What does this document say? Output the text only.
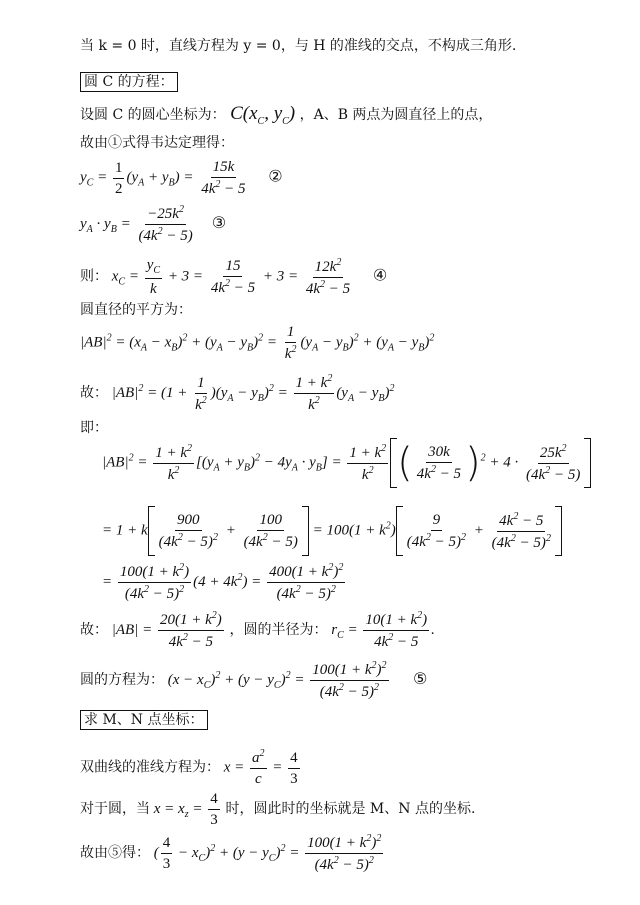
当 k = 0 时，直线方程为 y = 0，与 H 的准线的交点，不构成三角形.
圆 C 的方程：
设圆 C 的圆心坐标为： $C(x_C$, $y_C$) ，A、B 两点为圆直径上的点，
故由①式得韦达定理得：
$y_C = \frac{1}{2} (y_A + y_B) = \frac{15k}{4k^2 - 5}$ ②
$y_A \cdot y_B = \frac{-25k^2}{(4k^2 - 5)}$ ③
则： $x_C = \frac{y_C}{k} + 3 = \frac{15}{4k^2 - 5} + 3 = \frac{12k^2}{4k^2 - 5}$ ④
圆直径的平方为：
$|AB|^2 = (x_A - x_B)^2 + (y_A - y_B)^2 = \frac{1}{k^2} (y_A - y_B)^2 + (y_A - y_B)^2$
故： $|AB|^2 = (1 + \frac{1}{k^2} )(y_A - y_B)^2 = \frac{1 + k^2}{k^2} (y_A - y_B)^2$
即：
$|AB|^2 = \frac{1 + k^2}{k^2} [(y_A + y_B)^2 - 4y_A \cdot y_B] = \frac{1 + k^2}{k^2}$ ( $\frac{30k}{4k^2 - 5} )^2 + 4 \cdot \frac{25k^2}{(4k^2 - 5)}$
= 1 + k $\frac{900}{(4k^2 - 5)^2} + \frac{100}{(4k^2 - 5)} = 100(1 + k^2) \frac{9}{(4k^2 - 5)^2} + \frac{4k^2 - 5}{(4k^2 - 5)^2}$
= $\frac{100(1 + k^2)}{(4k^2 - 5)^2} (4 + 4k^2) = \frac{400(1 + k^2)^2}{(4k^2 - 5)^2}$
故： $|AB| = \frac{20(1 + k^2)}{4k^2 - 5}$ ，圆的半径为： $r_C = \frac{10(1 + k^2)}{4k^2 - 5}$ .
圆的方程为： $(x - x_C)^2 + (y - y_C)^2 = \frac{100(1 + k^2)^2}{(4k^2 - 5)^2}$ ⑤
求 M、N 点坐标：
双曲线的准线方程为： $x = \frac{a^2}{c} = \frac{4}{3}$
对于圆，当 $x = x_z = \frac{4}{3}$ 时，圆此时的坐标就是 M、N 点的坐标.
故由⑤得： ( $\frac{4}{3} - x_C)^2 + (y - y_C)^2 = \frac{100(1 + k^2)^2}{(4k^2 - 5)^2}$
